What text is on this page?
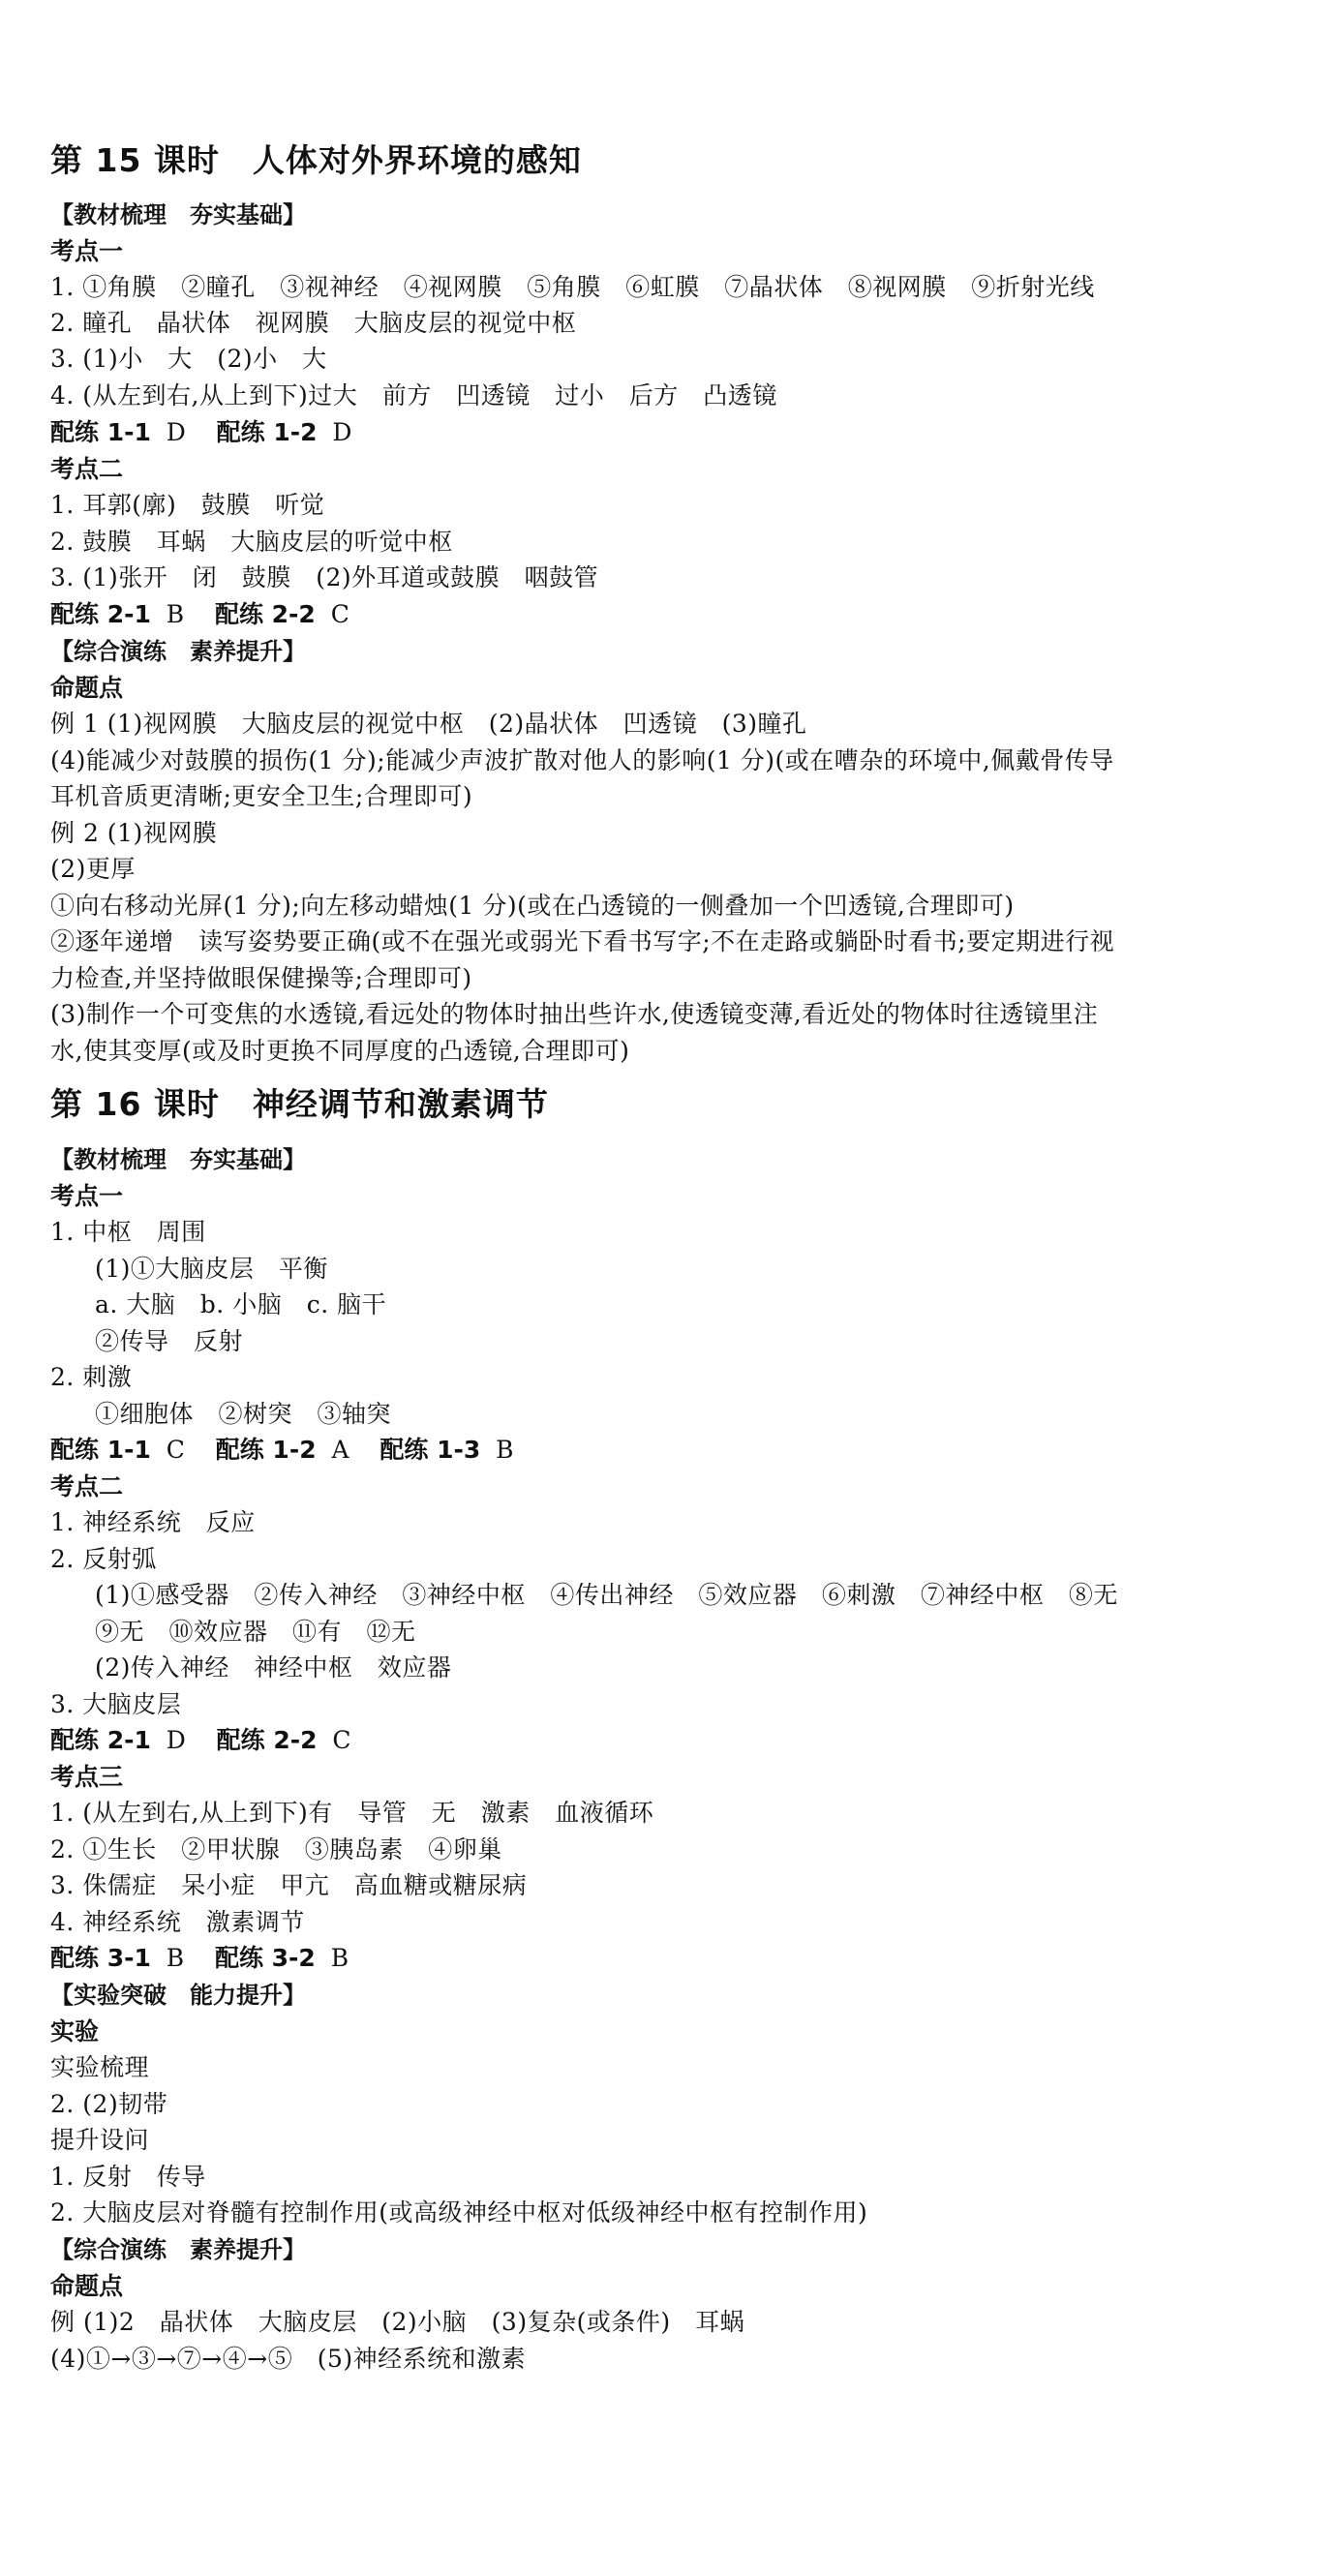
第 15 课时　人体对外界环境的感知
【教材梳理　夯实基础】
考点一
1. ①角膜　②瞳孔　③视神经　④视网膜　⑤角膜　⑥虹膜　⑦晶状体　⑧视网膜　⑨折射光线
2. 瞳孔　晶状体　视网膜　大脑皮层的视觉中枢
3. (1)小　大　(2)小　大
4. (从左到右,从上到下)过大　前方　凹透镜　过小　后方　凸透镜
配练 1-1 D 配练 1-2 D
考点二
1. 耳郭(廓)　鼓膜　听觉
2. 鼓膜　耳蜗　大脑皮层的听觉中枢
3. (1)张开　闭　鼓膜　(2)外耳道或鼓膜　咽鼓管
配练 2-1 B 配练 2-2 C
【综合演练　素养提升】
命题点
例 1 (1)视网膜　大脑皮层的视觉中枢　(2)晶状体　凹透镜　(3)瞳孔
(4)能减少对鼓膜的损伤(1 分);能减少声波扩散对他人的影响(1 分)(或在嘈杂的环境中,佩戴骨传导
耳机音质更清晰;更安全卫生;合理即可)
例 2 (1)视网膜
(2)更厚
①向右移动光屏(1 分);向左移动蜡烛(1 分)(或在凸透镜的一侧叠加一个凹透镜,合理即可)
②逐年递增　读写姿势要正确(或不在强光或弱光下看书写字;不在走路或躺卧时看书;要定期进行视
力检查,并坚持做眼保健操等;合理即可)
(3)制作一个可变焦的水透镜,看远处的物体时抽出些许水,使透镜变薄,看近处的物体时往透镜里注
水,使其变厚(或及时更换不同厚度的凸透镜,合理即可)
第 16 课时　神经调节和激素调节
【教材梳理　夯实基础】
考点一
1. 中枢　周围
(1)①大脑皮层　平衡
a. 大脑　b. 小脑　c. 脑干
②传导　反射
2. 刺激
①细胞体　②树突　③轴突
配练 1-1 C 配练 1-2 A 配练 1-3 B
考点二
1. 神经系统　反应
2. 反射弧
(1)①感受器　②传入神经　③神经中枢　④传出神经　⑤效应器　⑥刺激　⑦神经中枢　⑧无
⑨无　⑩效应器　⑪有　⑫无
(2)传入神经　神经中枢　效应器
3. 大脑皮层
配练 2-1 D 配练 2-2 C
考点三
1. (从左到右,从上到下)有　导管　无　激素　血液循环
2. ①生长　②甲状腺　③胰岛素　④卵巢
3. 侏儒症　呆小症　甲亢　高血糖或糖尿病
4. 神经系统　激素调节
配练 3-1 B 配练 3-2 B
【实验突破　能力提升】
实验
实验梳理
2. (2)韧带
提升设问
1. 反射　传导
2. 大脑皮层对脊髓有控制作用(或高级神经中枢对低级神经中枢有控制作用)
【综合演练　素养提升】
命题点
例 (1)2　晶状体　大脑皮层　(2)小脑　(3)复杂(或条件)　耳蜗
(4)①→③→⑦→④→⑤　(5)神经系统和激素
